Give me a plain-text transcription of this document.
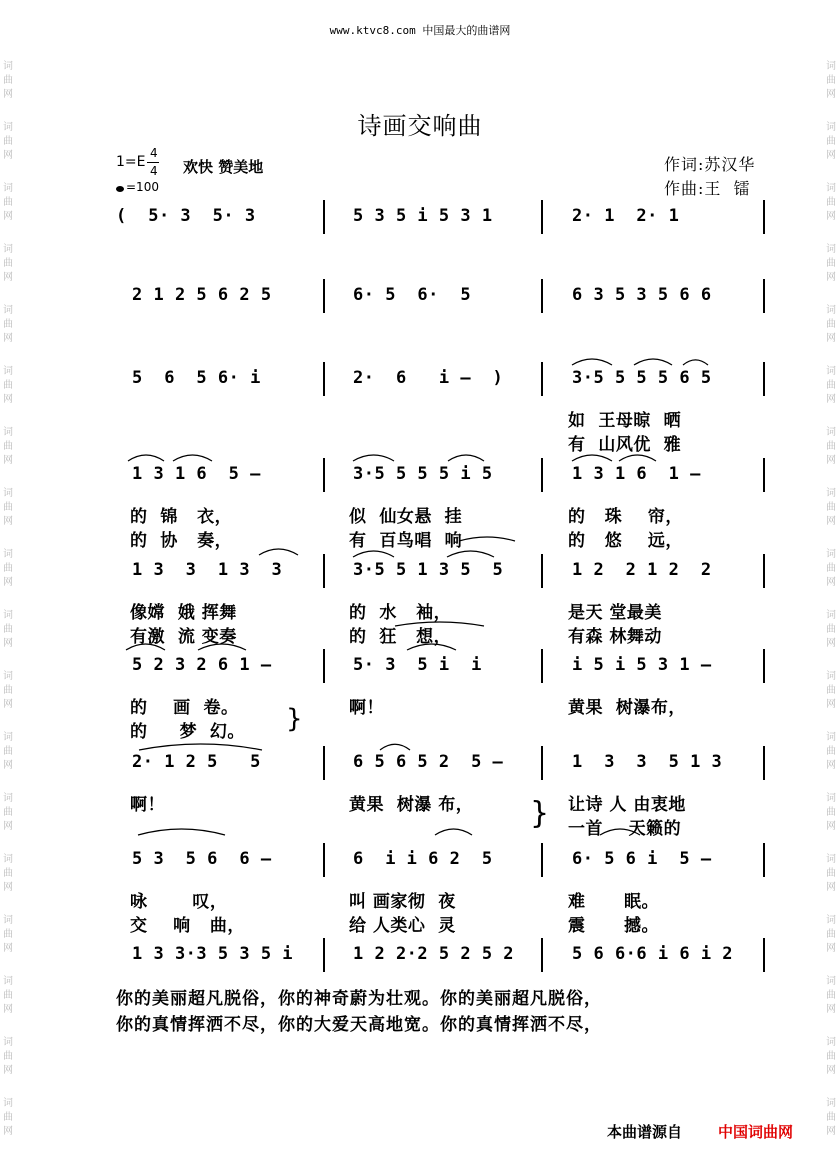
www.ktvc8.com 中国最大的曲谱网
诗画交响曲
1=E
4
4 欢快 赞美地
=100
作词:苏汉华
作曲:王  镭
(  5· 3  5· 3	5 3 5 i 5 3 1	2· 1  2· 1
2 1 2 5 6 2 5	6· 5  6·  5	6 3 5 3 5 6 6
5  6  5 6· i	2·  6   i –  )	3·5 5 5 5 6 5
如  王母晾  晒
有  山风优  雅
1 3 1 6  5 –	3·5 5 5 5 i 5	1 3 1 6  1 –
的  锦   衣，	似  仙女悬  挂	的   珠    帘，
的  协   奏，	有  百鸟唱  响	的   悠    远，
1 3  3  1 3  3	3·5 5 1 3 5  5	1 2  2 1 2  2
像嫦  娥 挥舞	的  水   袖，	是天 堂最美
有激  流 变奏	的  狂   想，	有森 林舞动
5 2 3 2 6 1 –	5· 3  5 i  i	i 5 i 5 3 1 –
的    画  卷。	啊！	黄果  树瀑布，
的     梦  幻。
2· 1 2 5   5	6 5 6 5 2  5 –	1  3  3  5 1 3
啊！	黄果  树瀑 布，	让诗 人 由衷地
一首    天籁的
5 3  5 6  6 –	6  i i 6 2  5	6· 5 6 i  5 –
咏       叹，	叫 画家彻  夜	难      眠。
交    响   曲，	给 人类心  灵	震      撼。
1 3 3·3 5 3 5 i	1 2 2·2 5 2 5 2	5 6 6·6 i 6 i 2
你的美丽超凡脱俗，你的神奇蔚为壮观。你的美丽超凡脱俗，
你的真情挥洒不尽，你的大爱天高地宽。你的真情挥洒不尽，
}
}
本曲谱源自 中国词曲网
词
曲
网
词
曲
网
词
曲
网
词
曲
网
词
曲
网
词
曲
网
词
曲
网
词
曲
网
词
曲
网
词
曲
网
词
曲
网
词
曲
网
词
曲
网
词
曲
网
词
曲
网
词
曲
网
词
曲
网
词
曲
网
词
曲
网
词
曲
网
词
曲
网
词
曲
网
词
曲
网
词
曲
网
词
曲
网
词
曲
网
词
曲
网
词
曲
网
词
曲
网
词
曲
网
词
曲
网
词
曲
网
词
曲
网
词
曲
网
词
曲
网
词
曲
网
